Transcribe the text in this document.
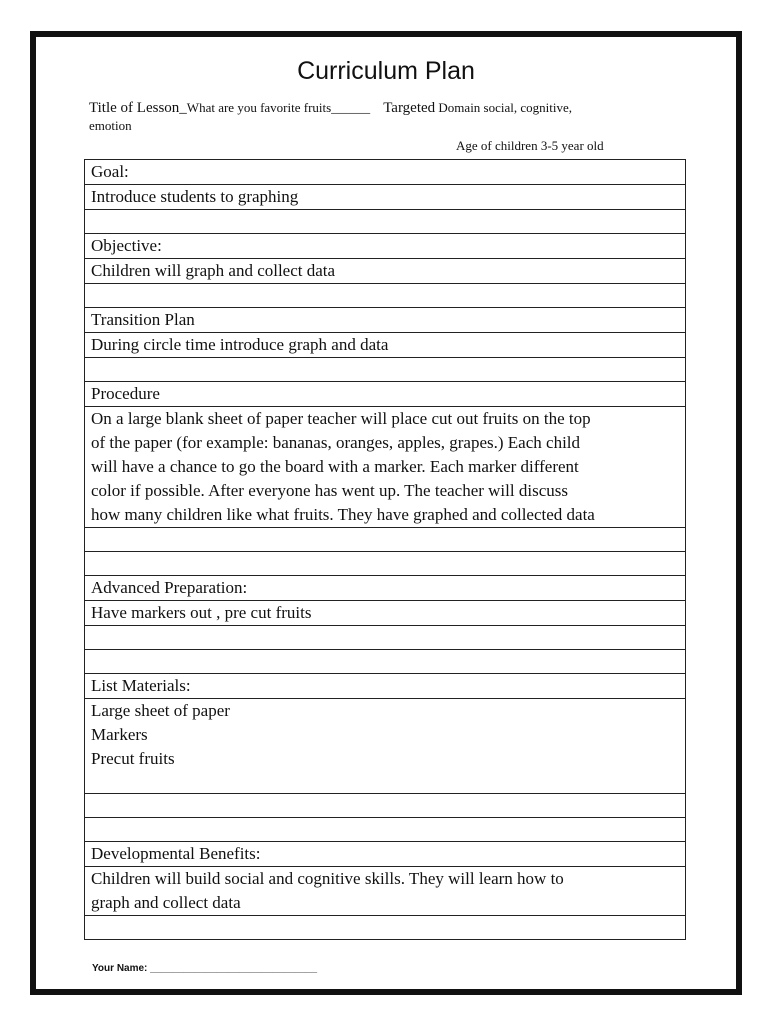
Curriculum Plan
Title of Lesson_What are you favorite fruits______ Targeted Domain social, cognitive,
emotion
Age of children 3-5 year old
Goal:
Introduce students to graphing

Objective:
Children will graph and collect data

Transition Plan
During circle time introduce graph and data

Procedure

On a large blank sheet of paper teacher will place cut out fruits on the top
of the paper (for example: bananas, oranges, apples, grapes.) Each child
will have a chance to go the board with a marker. Each marker different
color if possible. After everyone has went up. The teacher will discuss
how many children like what fruits. They have graphed and collected data

Advanced Preparation:
Have markers out , pre cut fruits

List Materials:

Large sheet of paper
Markers
Precut fruits

Developmental Benefits:

Children will build social and cognitive skills. They will learn how to
graph and collect data

Your Name: ______________________________
